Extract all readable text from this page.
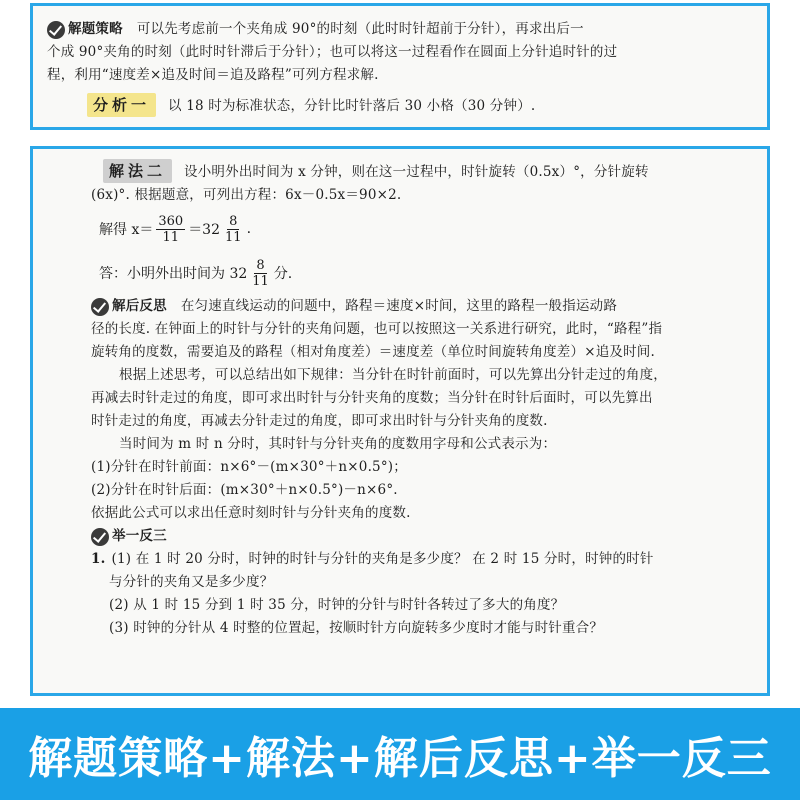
解题策略 可以先考虑前一个夹角成 90°的时刻（此时时针超前于分针），再求出后一
个成 90°夹角的时刻（此时时针滞后于分针）；也可以将这一过程看作在圆面上分针追时针的过
程，利用“速度差×追及时间＝追及路程”可列方程求解.
分析一 以 18 时为标准状态，分针比时针落后 30 小格（30 分钟）.
解法二 设小明外出时间为 x 分钟，则在这一过程中，时针旋转（0.5x）°，分针旋转
(6x)°. 根据题意，可列出方程：6x－0.5x＝90×2.
解得 $x= \frac{360}{11} =32 \frac{8}{11}$ .
答：小明外出时间为 $32 \frac{8}{11}$ 分.
解后反思 在匀速直线运动的问题中，路程＝速度×时间，这里的路程一般指运动路
径的长度. 在钟面上的时针与分针的夹角问题，也可以按照这一关系进行研究，此时，“路程”指
旋转角的度数，需要追及的路程（相对角度差）＝速度差（单位时间旋转角度差）×追及时间.
根据上述思考，可以总结出如下规律：当分针在时针前面时，可以先算出分针走过的角度，
再减去时针走过的角度，即可求出时针与分针夹角的度数；当分针在时针后面时，可以先算出
时针走过的角度，再减去分针走过的角度，即可求出时针与分针夹角的度数.
当时间为 m 时 n 分时，其时针与分针夹角的度数用字母和公式表示为：
(1)分针在时针前面：n×6°－(m×30°＋n×0.5°)；
(2)分针在时针后面：(m×30°＋n×0.5°)－n×6°.
依据此公式可以求出任意时刻时针与分针夹角的度数.
举一反三
1. (1) 在 1 时 20 分时，时钟的时针与分针的夹角是多少度？ 在 2 时 15 分时，时钟的时针
与分针的夹角又是多少度？
(2) 从 1 时 15 分到 1 时 35 分，时钟的分针与时针各转过了多大的角度？
(3) 时钟的分针从 4 时整的位置起，按顺时针方向旋转多少度时才能与时针重合？
解题策略+解法+解后反思+举一反三
